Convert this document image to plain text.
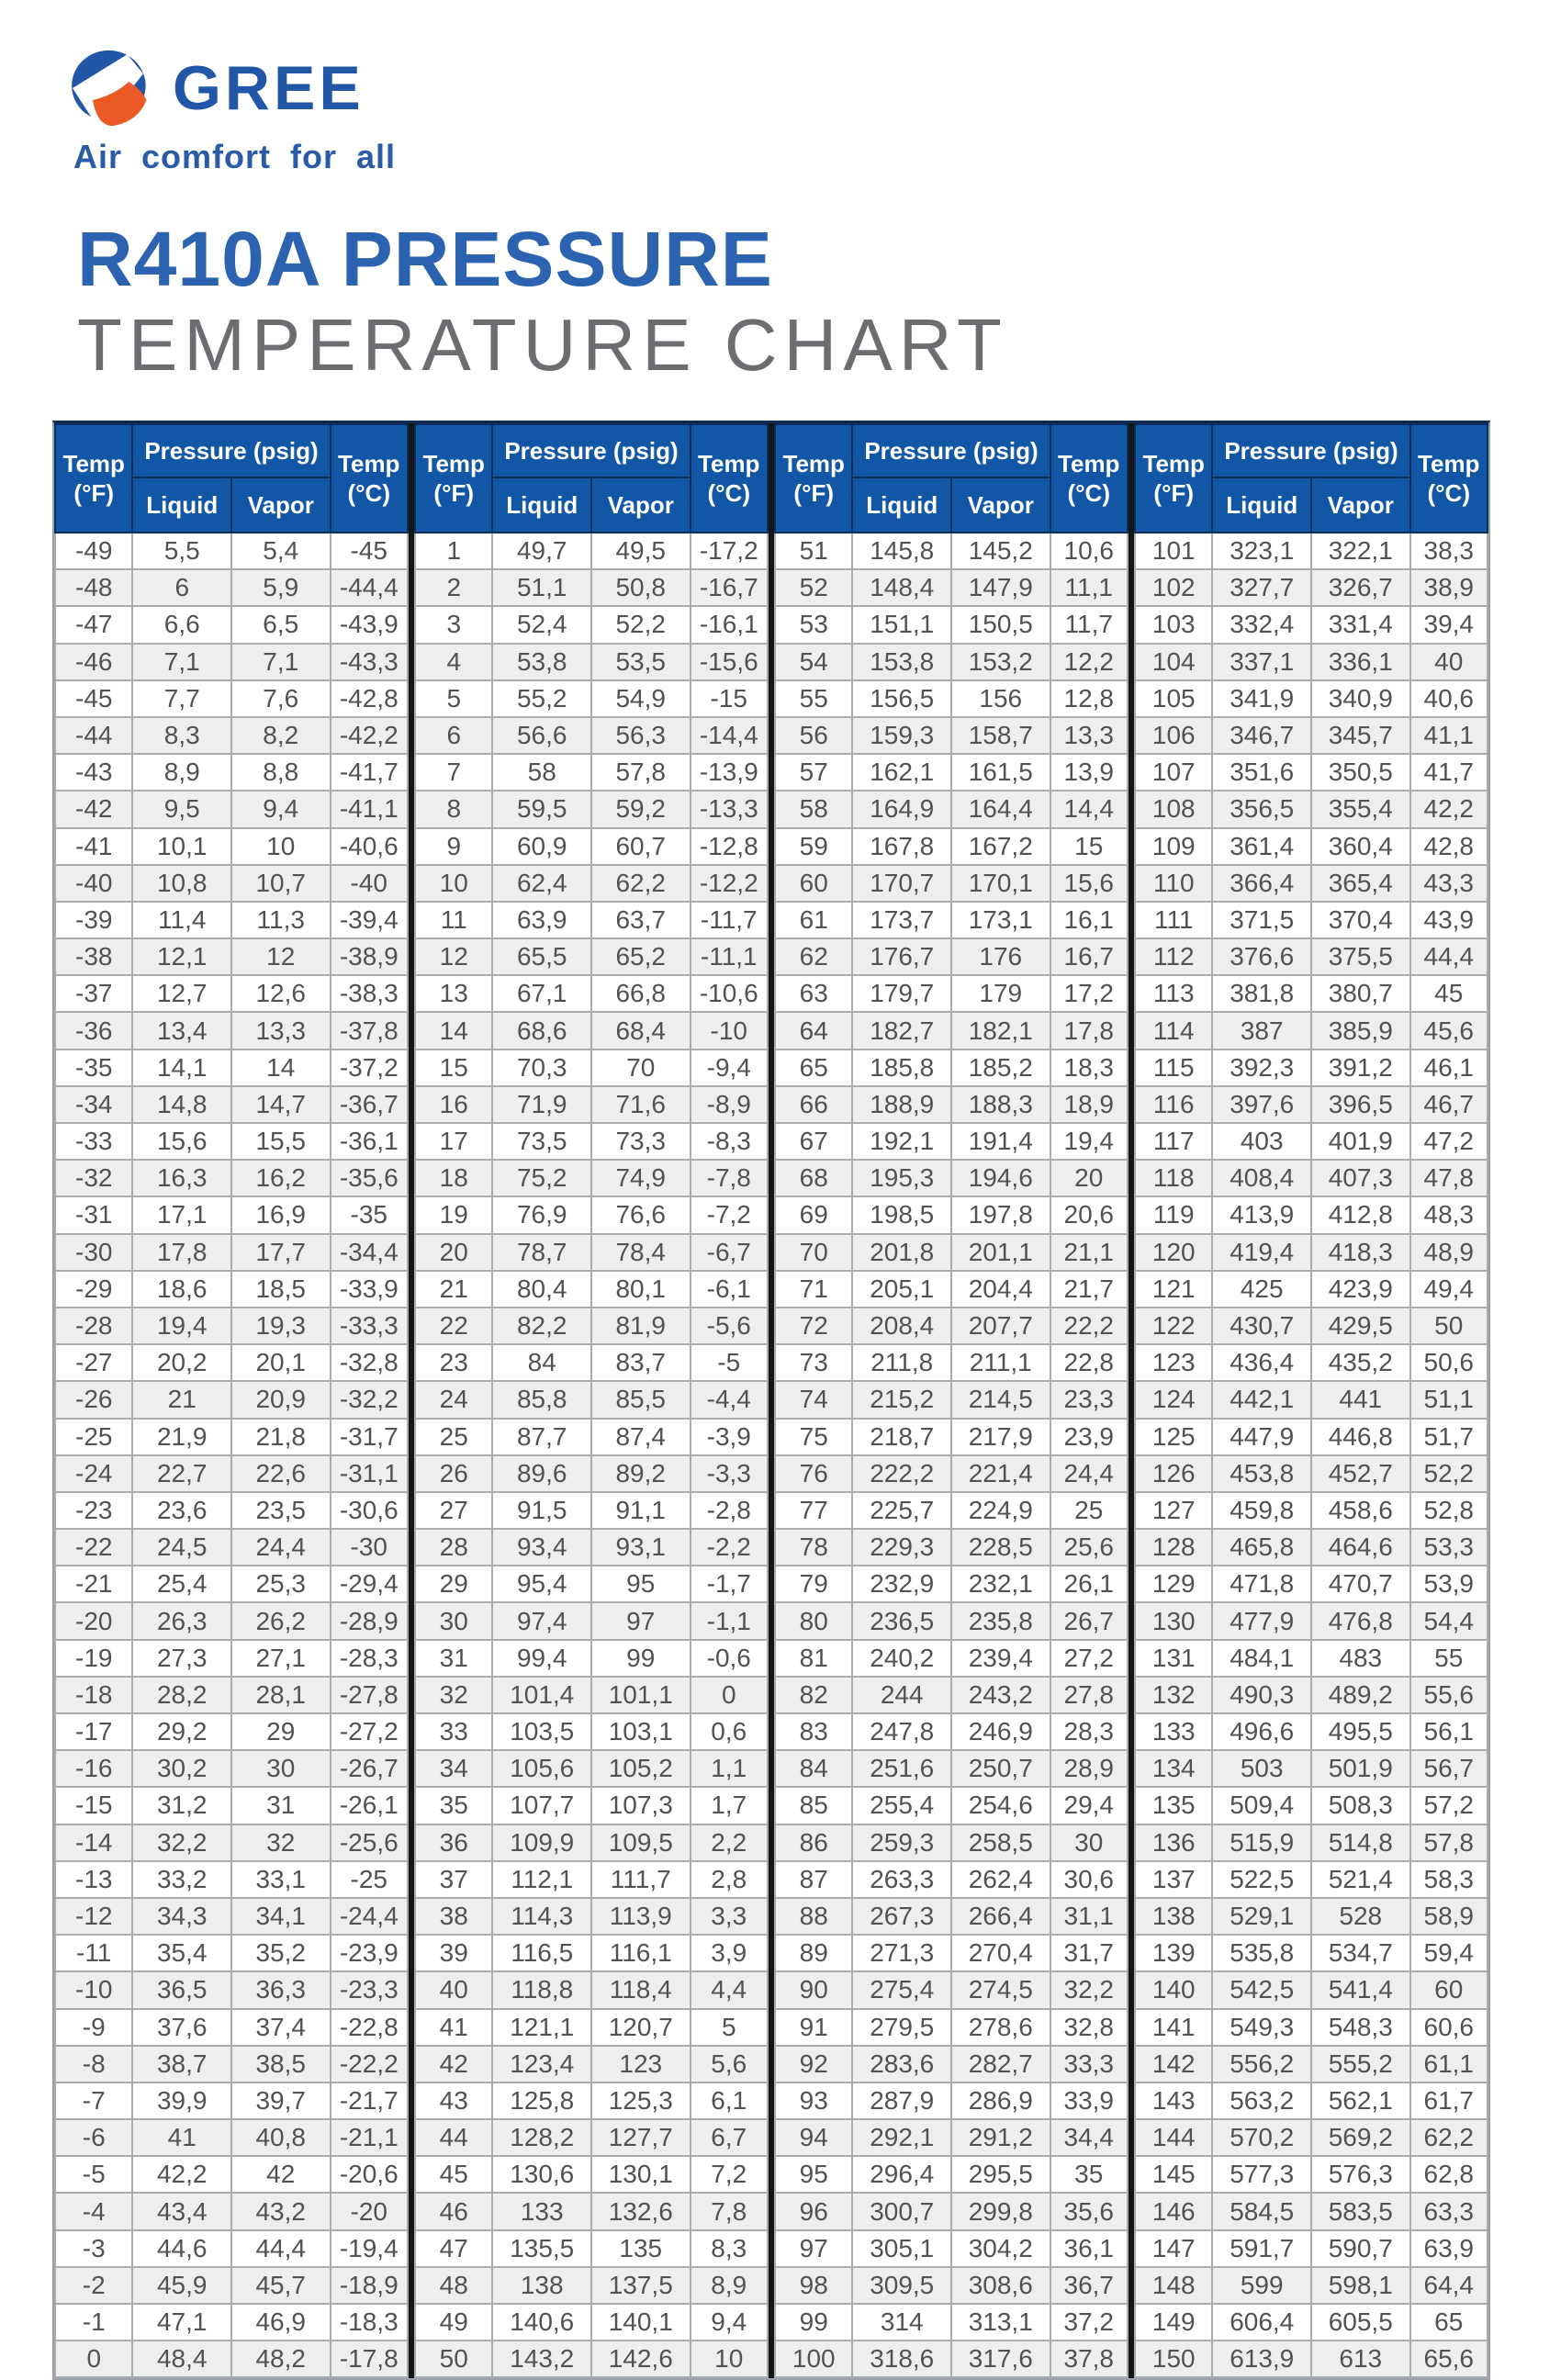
GREE
Air comfort for all
R410A PRESSURE
TEMPERATURE CHART
Temp
(°F)	Pressure (psig)		Temp
(°C)

	Liquid	Vapor	
-49	5,5	5,4	-45
-48	6	5,9	-44,4
-47	6,6	6,5	-43,9
-46	7,1	7,1	-43,3
-45	7,7	7,6	-42,8
-44	8,3	8,2	-42,2
-43	8,9	8,8	-41,7
-42	9,5	9,4	-41,1
-41	10,1	10	-40,6
-40	10,8	10,7	-40
-39	11,4	11,3	-39,4
-38	12,1	12	-38,9
-37	12,7	12,6	-38,3
-36	13,4	13,3	-37,8
-35	14,1	14	-37,2
-34	14,8	14,7	-36,7
-33	15,6	15,5	-36,1
-32	16,3	16,2	-35,6
-31	17,1	16,9	-35
-30	17,8	17,7	-34,4
-29	18,6	18,5	-33,9
-28	19,4	19,3	-33,3
-27	20,2	20,1	-32,8
-26	21	20,9	-32,2
-25	21,9	21,8	-31,7
-24	22,7	22,6	-31,1
-23	23,6	23,5	-30,6
-22	24,5	24,4	-30
-21	25,4	25,3	-29,4
-20	26,3	26,2	-28,9
-19	27,3	27,1	-28,3
-18	28,2	28,1	-27,8
-17	29,2	29	-27,2
-16	30,2	30	-26,7
-15	31,2	31	-26,1
-14	32,2	32	-25,6
-13	33,2	33,1	-25
-12	34,3	34,1	-24,4
-11	35,4	35,2	-23,9
-10	36,5	36,3	-23,3
-9	37,6	37,4	-22,8
-8	38,7	38,5	-22,2
-7	39,9	39,7	-21,7
-6	41	40,8	-21,1
-5	42,2	42	-20,6
-4	43,4	43,2	-20
-3	44,6	44,4	-19,4
-2	45,9	45,7	-18,9
-1	47,1	46,9	-18,3
0	48,4	48,2	-17,8
Temp
(°F)	Pressure (psig)		Temp
(°C)

	Liquid	Vapor	
1	49,7	49,5	-17,2
2	51,1	50,8	-16,7
3	52,4	52,2	-16,1
4	53,8	53,5	-15,6
5	55,2	54,9	-15
6	56,6	56,3	-14,4
7	58	57,8	-13,9
8	59,5	59,2	-13,3
9	60,9	60,7	-12,8
10	62,4	62,2	-12,2
11	63,9	63,7	-11,7
12	65,5	65,2	-11,1
13	67,1	66,8	-10,6
14	68,6	68,4	-10
15	70,3	70	-9,4
16	71,9	71,6	-8,9
17	73,5	73,3	-8,3
18	75,2	74,9	-7,8
19	76,9	76,6	-7,2
20	78,7	78,4	-6,7
21	80,4	80,1	-6,1
22	82,2	81,9	-5,6
23	84	83,7	-5
24	85,8	85,5	-4,4
25	87,7	87,4	-3,9
26	89,6	89,2	-3,3
27	91,5	91,1	-2,8
28	93,4	93,1	-2,2
29	95,4	95	-1,7
30	97,4	97	-1,1
31	99,4	99	-0,6
32	101,4	101,1	0
33	103,5	103,1	0,6
34	105,6	105,2	1,1
35	107,7	107,3	1,7
36	109,9	109,5	2,2
37	112,1	111,7	2,8
38	114,3	113,9	3,3
39	116,5	116,1	3,9
40	118,8	118,4	4,4
41	121,1	120,7	5
42	123,4	123	5,6
43	125,8	125,3	6,1
44	128,2	127,7	6,7
45	130,6	130,1	7,2
46	133	132,6	7,8
47	135,5	135	8,3
48	138	137,5	8,9
49	140,6	140,1	9,4
50	143,2	142,6	10
Temp
(°F)	Pressure (psig)		Temp
(°C)

	Liquid	Vapor	
51	145,8	145,2	10,6
52	148,4	147,9	11,1
53	151,1	150,5	11,7
54	153,8	153,2	12,2
55	156,5	156	12,8
56	159,3	158,7	13,3
57	162,1	161,5	13,9
58	164,9	164,4	14,4
59	167,8	167,2	15
60	170,7	170,1	15,6
61	173,7	173,1	16,1
62	176,7	176	16,7
63	179,7	179	17,2
64	182,7	182,1	17,8
65	185,8	185,2	18,3
66	188,9	188,3	18,9
67	192,1	191,4	19,4
68	195,3	194,6	20
69	198,5	197,8	20,6
70	201,8	201,1	21,1
71	205,1	204,4	21,7
72	208,4	207,7	22,2
73	211,8	211,1	22,8
74	215,2	214,5	23,3
75	218,7	217,9	23,9
76	222,2	221,4	24,4
77	225,7	224,9	25
78	229,3	228,5	25,6
79	232,9	232,1	26,1
80	236,5	235,8	26,7
81	240,2	239,4	27,2
82	244	243,2	27,8
83	247,8	246,9	28,3
84	251,6	250,7	28,9
85	255,4	254,6	29,4
86	259,3	258,5	30
87	263,3	262,4	30,6
88	267,3	266,4	31,1
89	271,3	270,4	31,7
90	275,4	274,5	32,2
91	279,5	278,6	32,8
92	283,6	282,7	33,3
93	287,9	286,9	33,9
94	292,1	291,2	34,4
95	296,4	295,5	35
96	300,7	299,8	35,6
97	305,1	304,2	36,1
98	309,5	308,6	36,7
99	314	313,1	37,2
100	318,6	317,6	37,8
Temp
(°F)	Pressure (psig)		Temp
(°C)

	Liquid	Vapor	
101	323,1	322,1	38,3
102	327,7	326,7	38,9
103	332,4	331,4	39,4
104	337,1	336,1	40
105	341,9	340,9	40,6
106	346,7	345,7	41,1
107	351,6	350,5	41,7
108	356,5	355,4	42,2
109	361,4	360,4	42,8
110	366,4	365,4	43,3
111	371,5	370,4	43,9
112	376,6	375,5	44,4
113	381,8	380,7	45
114	387	385,9	45,6
115	392,3	391,2	46,1
116	397,6	396,5	46,7
117	403	401,9	47,2
118	408,4	407,3	47,8
119	413,9	412,8	48,3
120	419,4	418,3	48,9
121	425	423,9	49,4
122	430,7	429,5	50
123	436,4	435,2	50,6
124	442,1	441	51,1
125	447,9	446,8	51,7
126	453,8	452,7	52,2
127	459,8	458,6	52,8
128	465,8	464,6	53,3
129	471,8	470,7	53,9
130	477,9	476,8	54,4
131	484,1	483	55
132	490,3	489,2	55,6
133	496,6	495,5	56,1
134	503	501,9	56,7
135	509,4	508,3	57,2
136	515,9	514,8	57,8
137	522,5	521,4	58,3
138	529,1	528	58,9
139	535,8	534,7	59,4
140	542,5	541,4	60
141	549,3	548,3	60,6
142	556,2	555,2	61,1
143	563,2	562,1	61,7
144	570,2	569,2	62,2
145	577,3	576,3	62,8
146	584,5	583,5	63,3
147	591,7	590,7	63,9
148	599	598,1	64,4
149	606,4	605,5	65
150	613,9	613	65,6
